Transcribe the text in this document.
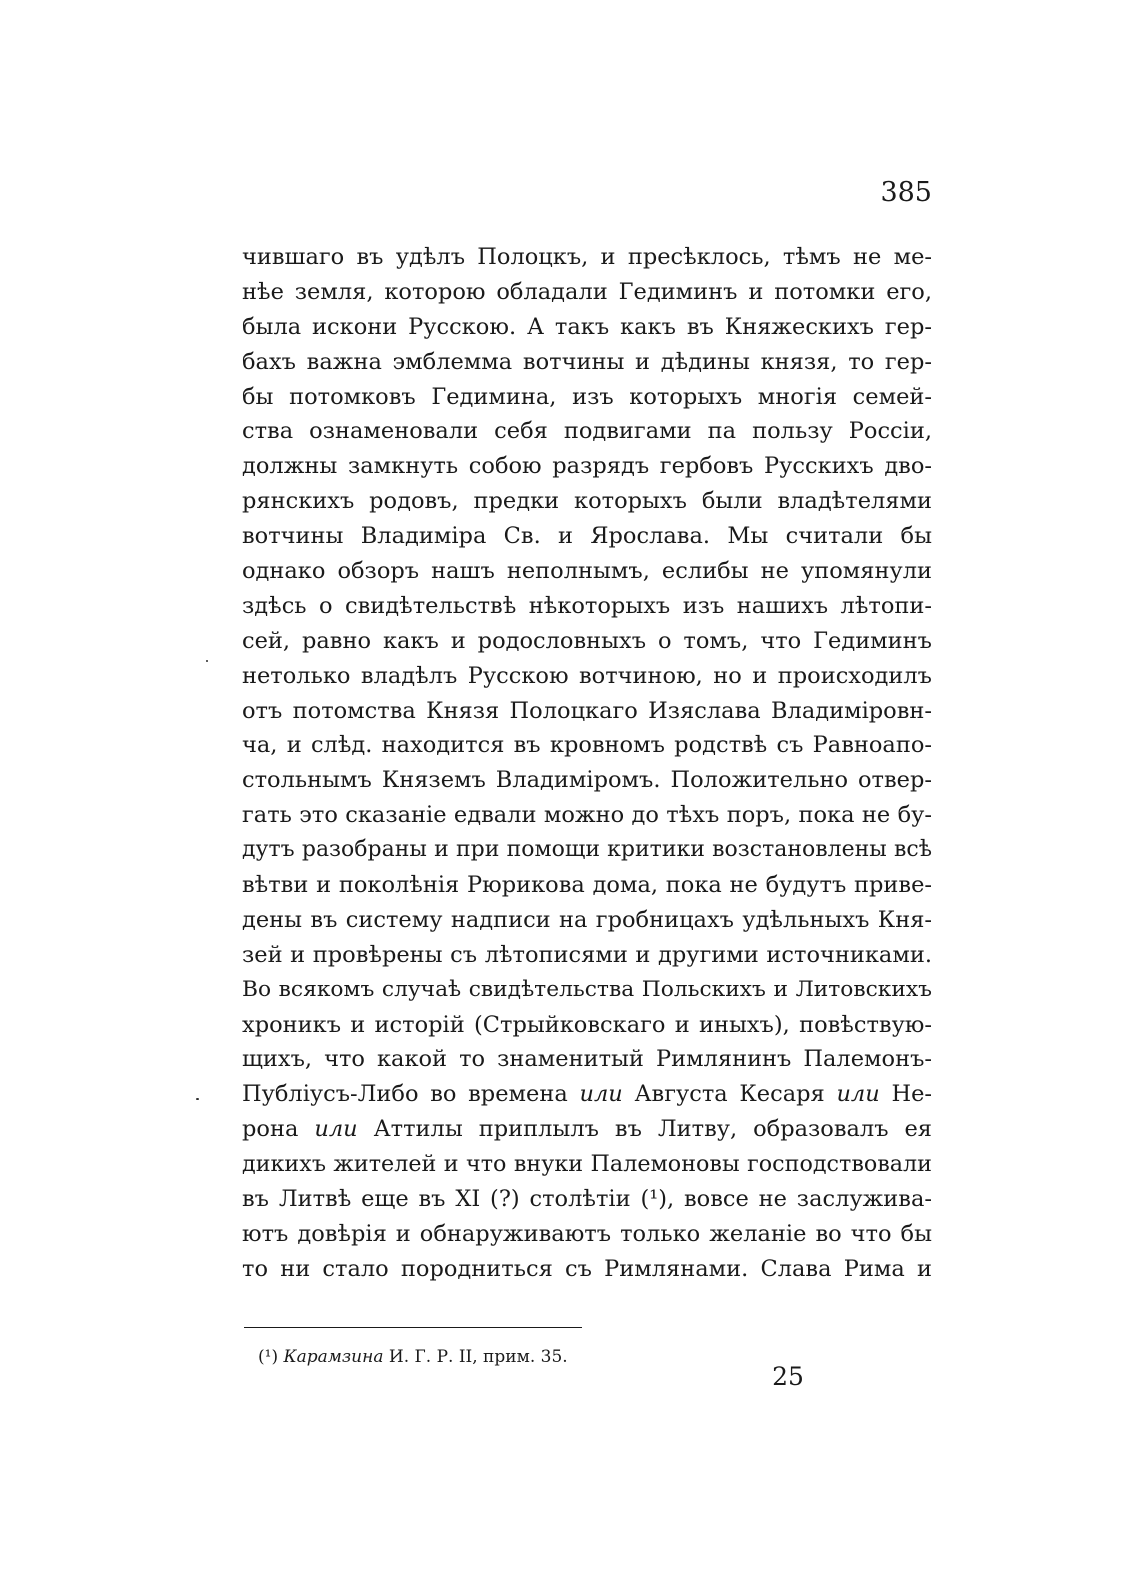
385
чившаго въ удѣлъ Полоцкъ, и пресѣклось, тѣмъ не ме-
нѣе земля, которою обладали Гедиминъ и потомки его,
была искони Русскою. А такъ какъ въ Княжескихъ гер-
бахъ важна эмблемма вотчины и дѣдины князя, то гер-
бы потомковъ Гедимина, изъ которыхъ многія семей-
ства ознаменовали себя подвигами па пользу Россіи,
должны замкнуть собою разрядъ гербовъ Русскихъ дво-
рянскихъ родовъ, предки которыхъ были владѣтелями
вотчины Владиміра Св. и Ярослава. Мы считали бы
однако обзоръ нашъ неполнымъ, еслибы не упомянули
здѣсь о свидѣтельствѣ нѣкоторыхъ изъ нашихъ лѣтопи-
сей, равно какъ и родословныхъ о томъ, что Гедиминъ
нетолько владѣлъ Русскою вотчиною, но и происходилъ
отъ потомства Князя Полоцкаго Изяслава Владиміровн-
ча, и слѣд. находится въ кровномъ родствѣ съ Равноапо-
стольнымъ Княземъ Владиміромъ. Положительно отвер-
гать это сказаніе едвали можно до тѣхъ поръ, пока не бу-
дутъ разобраны и при помощи критики возстановлены всѣ
вѣтви и поколѣнія Рюрикова дома, пока не будутъ приве-
дены въ систему надписи на гробницахъ удѣльныхъ Кня-
зей и провѣрены съ лѣтописями и другими источниками.
Во всякомъ случаѣ свидѣтельства Польскихъ и Литовскихъ
хроникъ и исторій (Стрыйковскаго и иныхъ), повѣствую-
щихъ, что какой то знаменитый Римлянинъ Палемонъ-
Публіусъ-Либо во времена или Августа Кесаря или Не-
рона или Аттилы приплылъ въ Литву, образовалъ ея
дикихъ жителей и что внуки Палемоновы господствовали
въ Литвѣ еще въ XI (?) столѣтіи (¹), вовсе не заслужива-
ютъ довѣрія и обнаруживаютъ только желаніе во что бы
то ни стало породниться съ Римлянами. Слава Рима и
(¹) Карамзина И. Г. Р. II, прим. 35.
25
